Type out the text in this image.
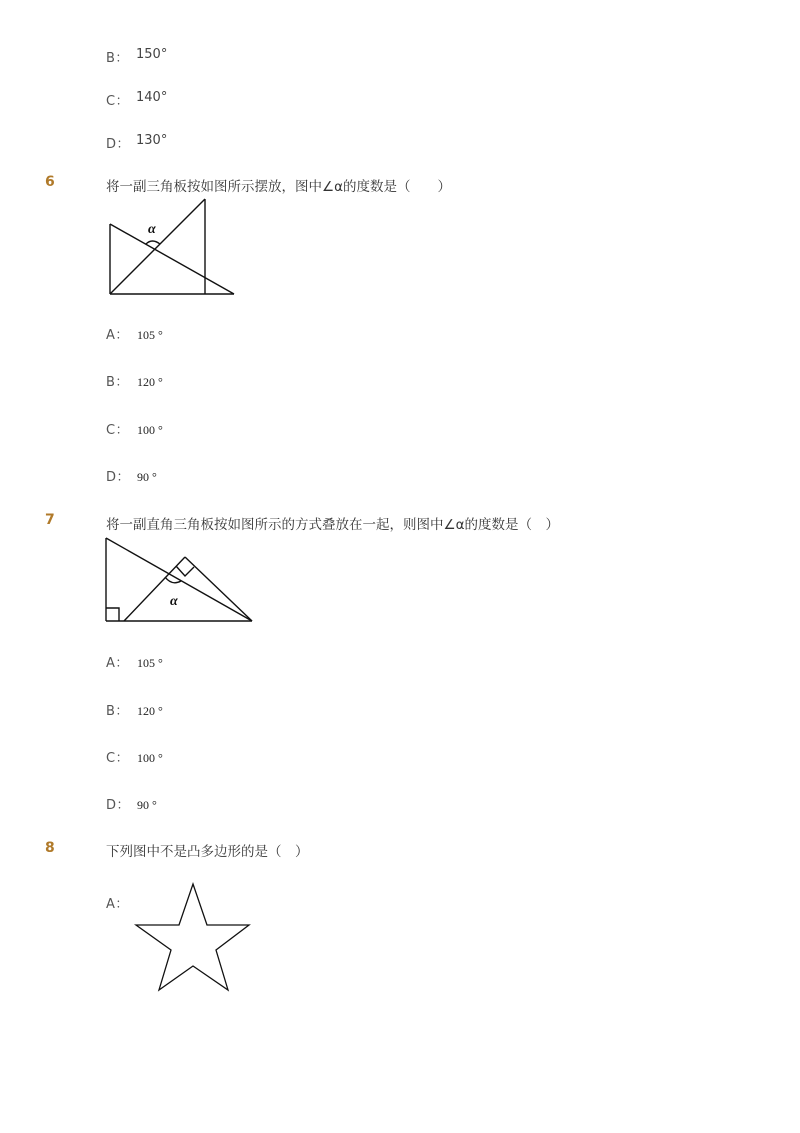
B： 150°
C： 140°
D： 130°
6	将一副三角板按如图所示摆放，图中∠α的度数是（　　）
α
A： 105 °
B： 120 °
C： 100 °
D： 90 °
7	将一副直角三角板按如图所示的方式叠放在一起，则图中∠α的度数是（　）
α
A： 105 °
B： 120 °
C： 100 °
D： 90 °
8	下列图中不是凸多边形的是（　）
A：
